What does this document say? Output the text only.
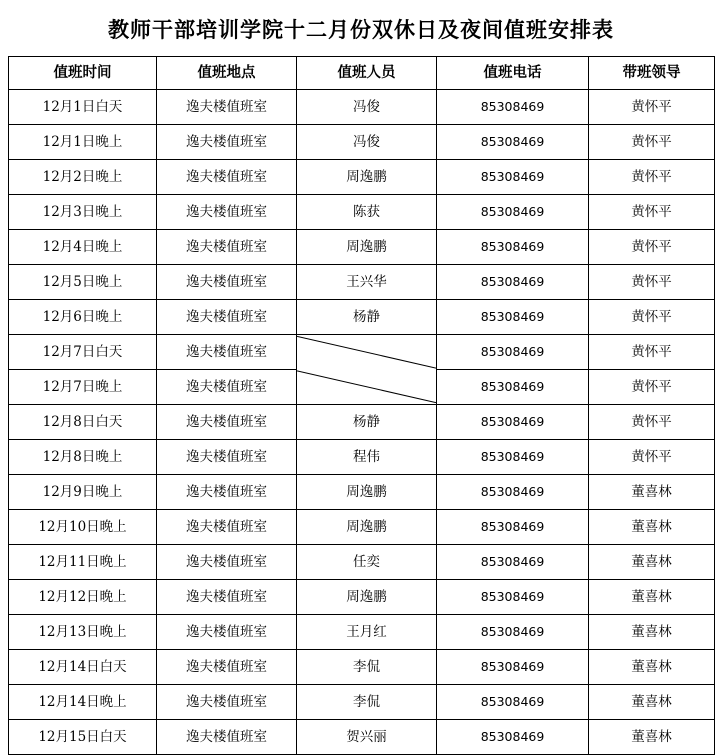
教师干部培训学院十二月份双休日及夜间值班安排表
值班时间	值班地点	值班人员	值班电话	带班领导
12月1日白天	逸夫楼值班室	冯俊	85308469	黄怀平
12月1日晚上	逸夫楼值班室	冯俊	85308469	黄怀平
12月2日晚上	逸夫楼值班室	周逸鹏	85308469	黄怀平
12月3日晚上	逸夫楼值班室	陈获	85308469	黄怀平
12月4日晚上	逸夫楼值班室	周逸鹏	85308469	黄怀平
12月5日晚上	逸夫楼值班室	王兴华	85308469	黄怀平
12月6日晚上	逸夫楼值班室	杨静	85308469	黄怀平
12月7日白天	逸夫楼值班室		85308469	黄怀平
12月7日晚上	逸夫楼值班室		85308469	黄怀平
12月8日白天	逸夫楼值班室	杨静	85308469	黄怀平
12月8日晚上	逸夫楼值班室	程伟	85308469	黄怀平
12月9日晚上	逸夫楼值班室	周逸鹏	85308469	董喜林
12月10日晚上	逸夫楼值班室	周逸鹏	85308469	董喜林
12月11日晚上	逸夫楼值班室	任奕	85308469	董喜林
12月12日晚上	逸夫楼值班室	周逸鹏	85308469	董喜林
12月13日晚上	逸夫楼值班室	王月红	85308469	董喜林
12月14日白天	逸夫楼值班室	李侃	85308469	董喜林
12月14日晚上	逸夫楼值班室	李侃	85308469	董喜林
12月15日白天	逸夫楼值班室	贺兴丽	85308469	董喜林
